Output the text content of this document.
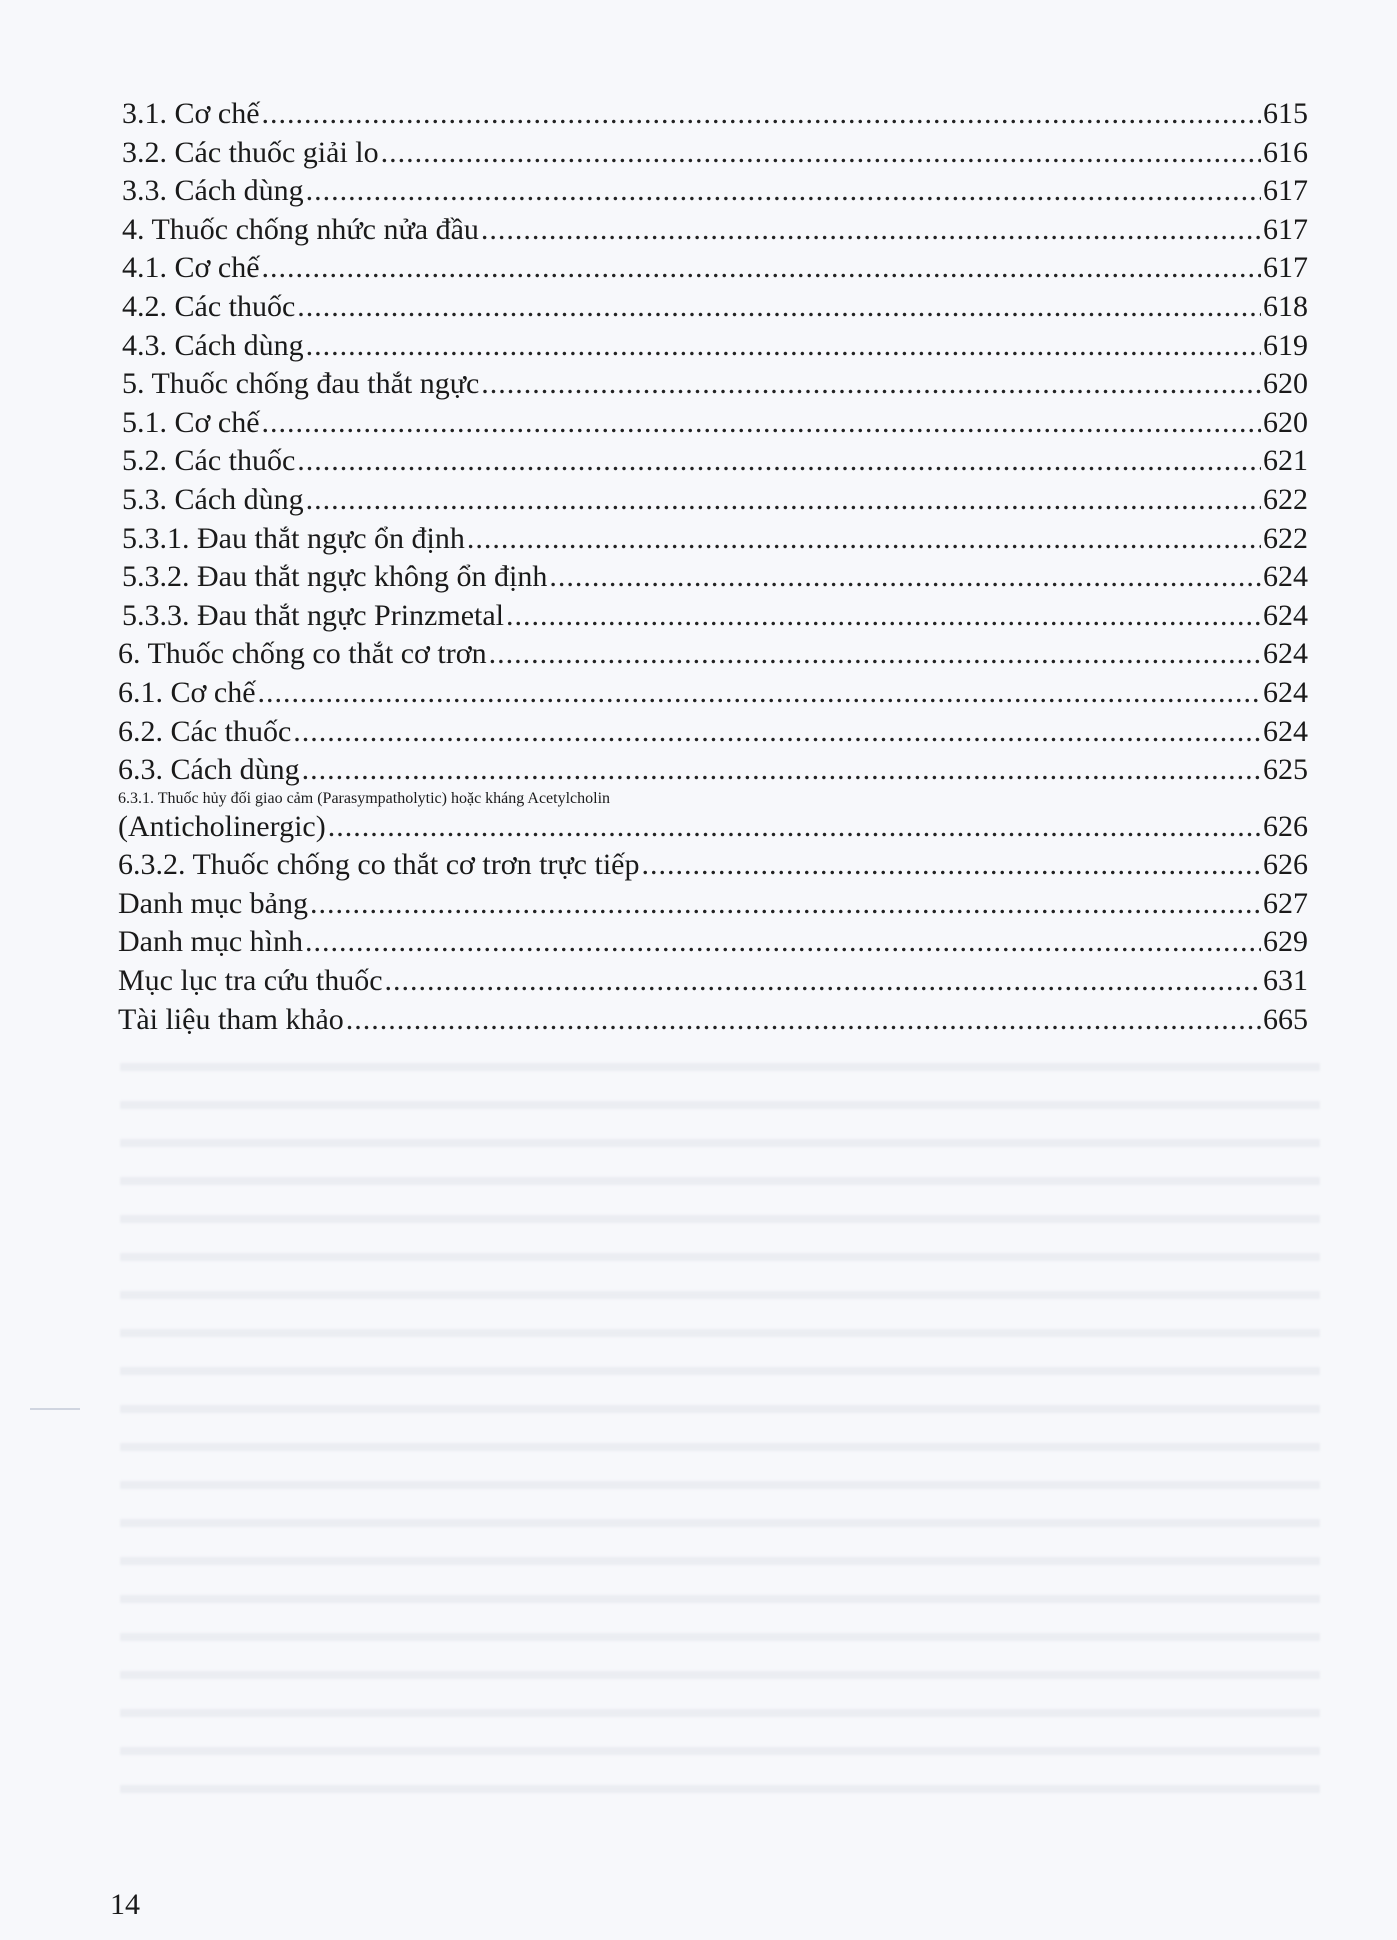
3.1. Cơ chế .....	615
3.2. Các thuốc giải lo .....	616
3.3. Cách dùng .....	617
4. Thuốc chống nhức nửa đầu .....	617
4.1. Cơ chế .....	617
4.2. Các thuốc .....	618
4.3. Cách dùng .....	619
5. Thuốc chống đau thắt ngực .....	620
5.1. Cơ chế .....	620
5.2. Các thuốc .....	621
5.3. Cách dùng .....	622
5.3.1. Đau thắt ngực ổn định .....	622
5.3.2. Đau thắt ngực không ổn định .....	624
5.3.3. Đau thắt ngực Prinzmetal .....	624
6. Thuốc chống co thắt cơ trơn .....	624
6.1. Cơ chế .....	624
6.2. Các thuốc .....	624
6.3. Cách dùng .....	625
6.3.1. Thuốc hủy đối giao cảm (Parasympatholytic) hoặc kháng Acetylcholin
(Anticholinergic) .....	626
6.3.2. Thuốc chống co thắt cơ trơn trực tiếp .....	626
Danh mục bảng .....	627
Danh mục hình .....	629
Mục lục tra cứu thuốc .....	631
Tài liệu tham khảo .....	665
14
